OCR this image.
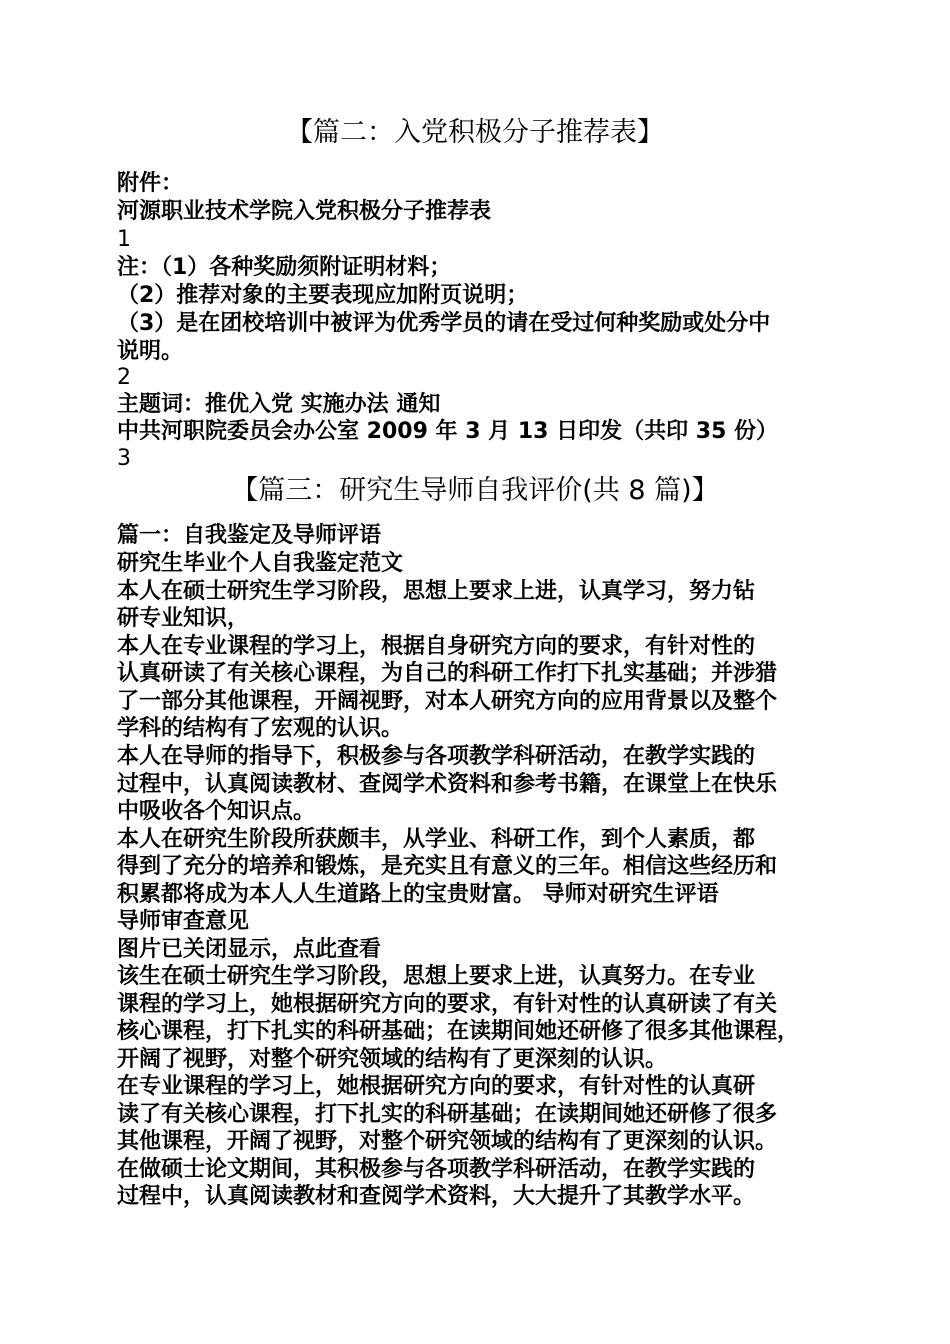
【篇二：入党积极分子推荐表】
附件：
河源职业技术学院入党积极分子推荐表
1
注：（1）各种奖励须附证明材料；
（2）推荐对象的主要表现应加附页说明；
（3）是在团校培训中被评为优秀学员的请在受过何种奖励或处分中
说明。
2
主题词：推优入党 实施办法 通知
中共河职院委员会办公室 2009 年 3 月 13 日印发（共印 35 份）
3
【篇三：研究生导师自我评价(共 8 篇)】
篇一：自我鉴定及导师评语
研究生毕业个人自我鉴定范文
本人在硕士研究生学习阶段，思想上要求上进，认真学习，努力钻
研专业知识，
本人在专业课程的学习上，根据自身研究方向的要求，有针对性的
认真研读了有关核心课程，为自己的科研工作打下扎实基础；并涉猎
了一部分其他课程，开阔视野，对本人研究方向的应用背景以及整个
学科的结构有了宏观的认识。
本人在导师的指导下，积极参与各项教学科研活动，在教学实践的
过程中，认真阅读教材、查阅学术资料和参考书籍，在课堂上在快乐
中吸收各个知识点。
本人在研究生阶段所获颇丰，从学业、科研工作，到个人素质，都
得到了充分的培养和锻炼，是充实且有意义的三年。相信这些经历和
积累都将成为本人人生道路上的宝贵财富。 导师对研究生评语
导师审查意见
图片已关闭显示，点此查看
该生在硕士研究生学习阶段，思想上要求上进，认真努力。在专业
课程的学习上，她根据研究方向的要求，有针对性的认真研读了有关
核心课程，打下扎实的科研基础；在读期间她还研修了很多其他课程，
开阔了视野，对整个研究领域的结构有了更深刻的认识。
在专业课程的学习上，她根据研究方向的要求，有针对性的认真研
读了有关核心课程，打下扎实的科研基础；在读期间她还研修了很多
其他课程，开阔了视野，对整个研究领域的结构有了更深刻的认识。
在做硕士论文期间，其积极参与各项教学科研活动，在教学实践的
过程中，认真阅读教材和查阅学术资料，大大提升了其教学水平。
